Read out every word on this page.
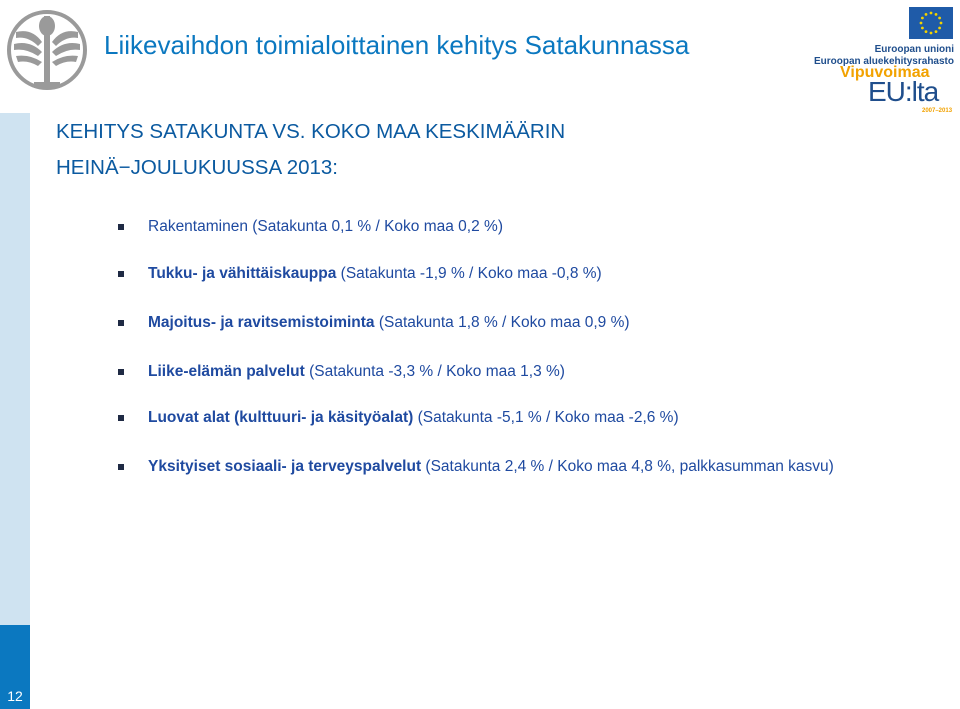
12
Liikevaihdon toimialoittainen kehitys Satakunnassa	Euroopan unioni
Euroopan aluekehitysrahasto
Vipuvoimaa
EU:lta
2007–2013
KEHITYS SATAKUNTA VS. KOKO MAA KESKIMÄÄRIN
HEINÄ−JOULUKUUSSA 2013:
Rakentaminen (Satakunta 0,1 % / Koko maa 0,2 %)
Tukku- ja vähittäiskauppa (Satakunta -1,9 % / Koko maa -0,8 %)
Majoitus- ja ravitsemistoiminta (Satakunta 1,8 % / Koko maa 0,9 %)
Liike-elämän palvelut (Satakunta -3,3 % / Koko maa 1,3 %)
Luovat alat (kulttuuri- ja käsityöalat) (Satakunta -5,1 % / Koko maa -2,6 %)
Yksityiset sosiaali- ja terveyspalvelut (Satakunta 2,4 % / Koko maa 4,8 %, palkkasumman kasvu)
